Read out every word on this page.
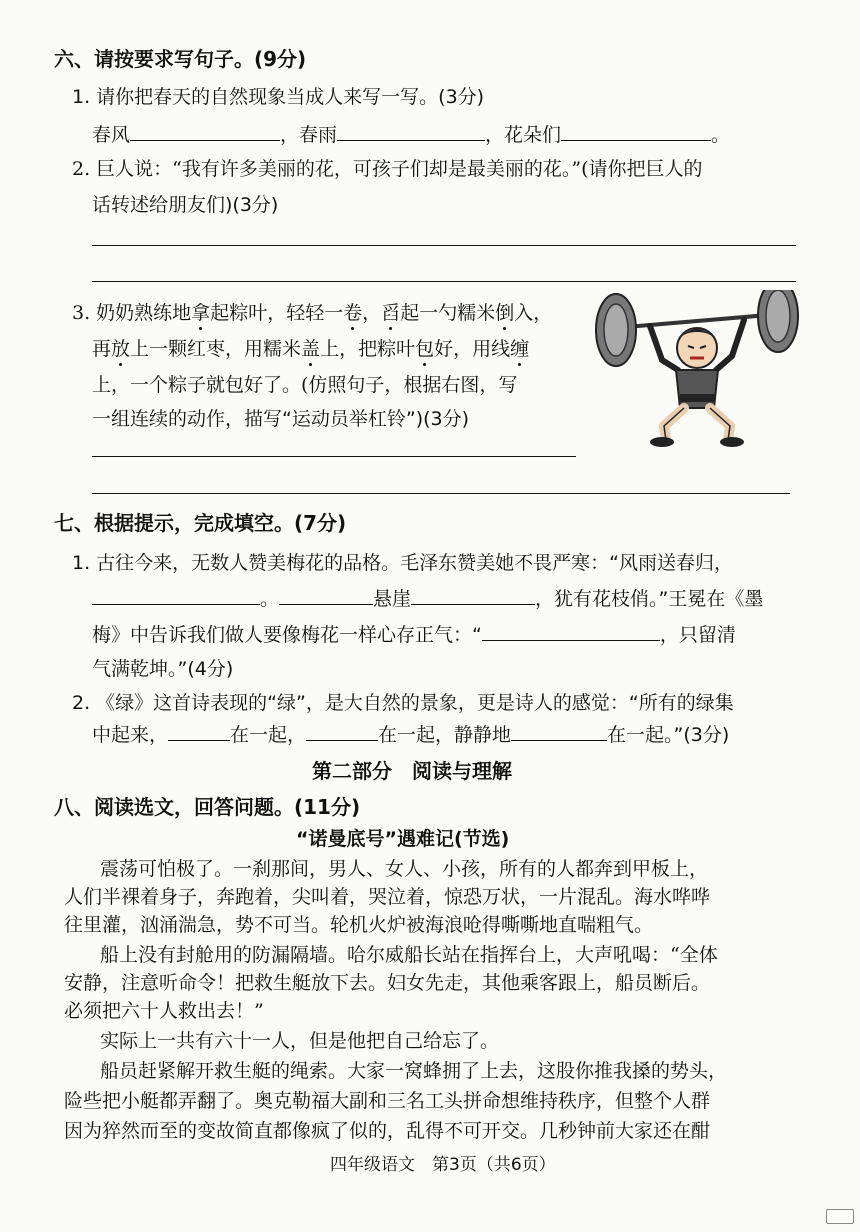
六、请按要求写句子。(9分)
1. 请你把春天的自然现象当成人来写一写。(3分)
春风	，春雨	，花朵们	。
2. 巨人说：“我有许多美丽的花，可孩子们却是最美丽的花。”(请你把巨人的
话转述给朋友们)(3分)
3. 奶奶熟练地拿起粽叶，轻轻一卷，舀起一勺糯米倒入，
再放上一颗红枣，用糯米盖上，把粽叶包好，用线缠
上，一个粽子就包好了。(仿照句子，根据右图，写
一组连续的动作，描写“运动员举杠铃”)(3分)
七、根据提示，完成填空。(7分)
1. 古往今来，无数人赞美梅花的品格。毛泽东赞美她不畏严寒：“风雨送春归，
。	悬崖	，犹有花枝俏。”王冕在《墨
梅》中告诉我们做人要像梅花一样心存正气：“	，只留清
气满乾坤。”(4分)
2. 《绿》这首诗表现的“绿”，是大自然的景象，更是诗人的感觉：“所有的绿集
中起来，	在一起，	在一起，静静地	在一起。”(3分)
第二部分　阅读与理解
八、阅读选文，回答问题。(11分)
“诺曼底号”遇难记(节选)
震荡可怕极了。一刹那间，男人、女人、小孩，所有的人都奔到甲板上，
人们半裸着身子，奔跑着，尖叫着，哭泣着，惊恐万状，一片混乱。海水哗哗
往里灌，汹涌湍急，势不可当。轮机火炉被海浪呛得嘶嘶地直喘粗气。
船上没有封舱用的防漏隔墙。哈尔威船长站在指挥台上，大声吼喝：“全体
安静，注意听命令！把救生艇放下去。妇女先走，其他乘客跟上，船员断后。
必须把六十人救出去！”
实际上一共有六十一人，但是他把自己给忘了。
船员赶紧解开救生艇的绳索。大家一窝蜂拥了上去，这股你推我搡的势头，
险些把小艇都弄翻了。奥克勒福大副和三名工头拼命想维持秩序，但整个人群
因为猝然而至的变故简直都像疯了似的，乱得不可开交。几秒钟前大家还在酣
四年级语文　第3页（共6页）
